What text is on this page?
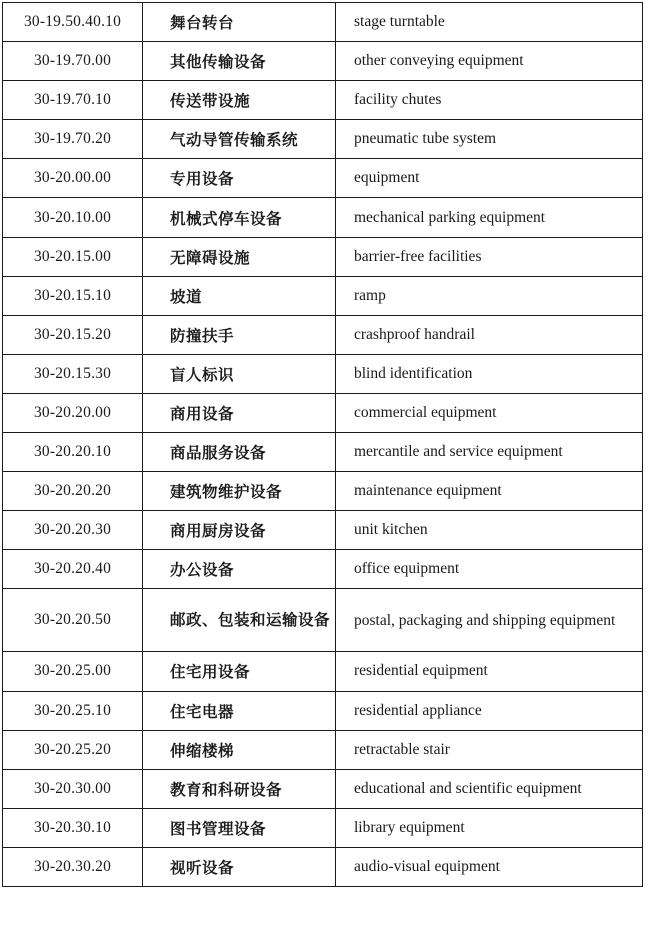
30-19.50.40.10	舞台转台	stage turntable
30-19.70.00	其他传输设备	other conveying equipment
30-19.70.10	传送带设施	facility chutes
30-19.70.20	气动导管传输系统	pneumatic tube system
30-20.00.00	专用设备	equipment
30-20.10.00	机械式停车设备	mechanical parking equipment
30-20.15.00	无障碍设施	barrier-free facilities
30-20.15.10	坡道	ramp
30-20.15.20	防撞扶手	crashproof handrail
30-20.15.30	盲人标识	blind identification
30-20.20.00	商用设备	commercial equipment
30-20.20.10	商品服务设备	mercantile and service equipment
30-20.20.20	建筑物维护设备	maintenance equipment
30-20.20.30	商用厨房设备	unit kitchen
30-20.20.40	办公设备	office equipment
30-20.20.50	邮政、包装和运输设备	postal, packaging and shipping equipment
30-20.25.00	住宅用设备	residential equipment
30-20.25.10	住宅电器	residential appliance
30-20.25.20	伸缩楼梯	retractable stair
30-20.30.00	教育和科研设备	educational and scientific equipment
30-20.30.10	图书管理设备	library equipment
30-20.30.20	视听设备	audio-visual equipment
